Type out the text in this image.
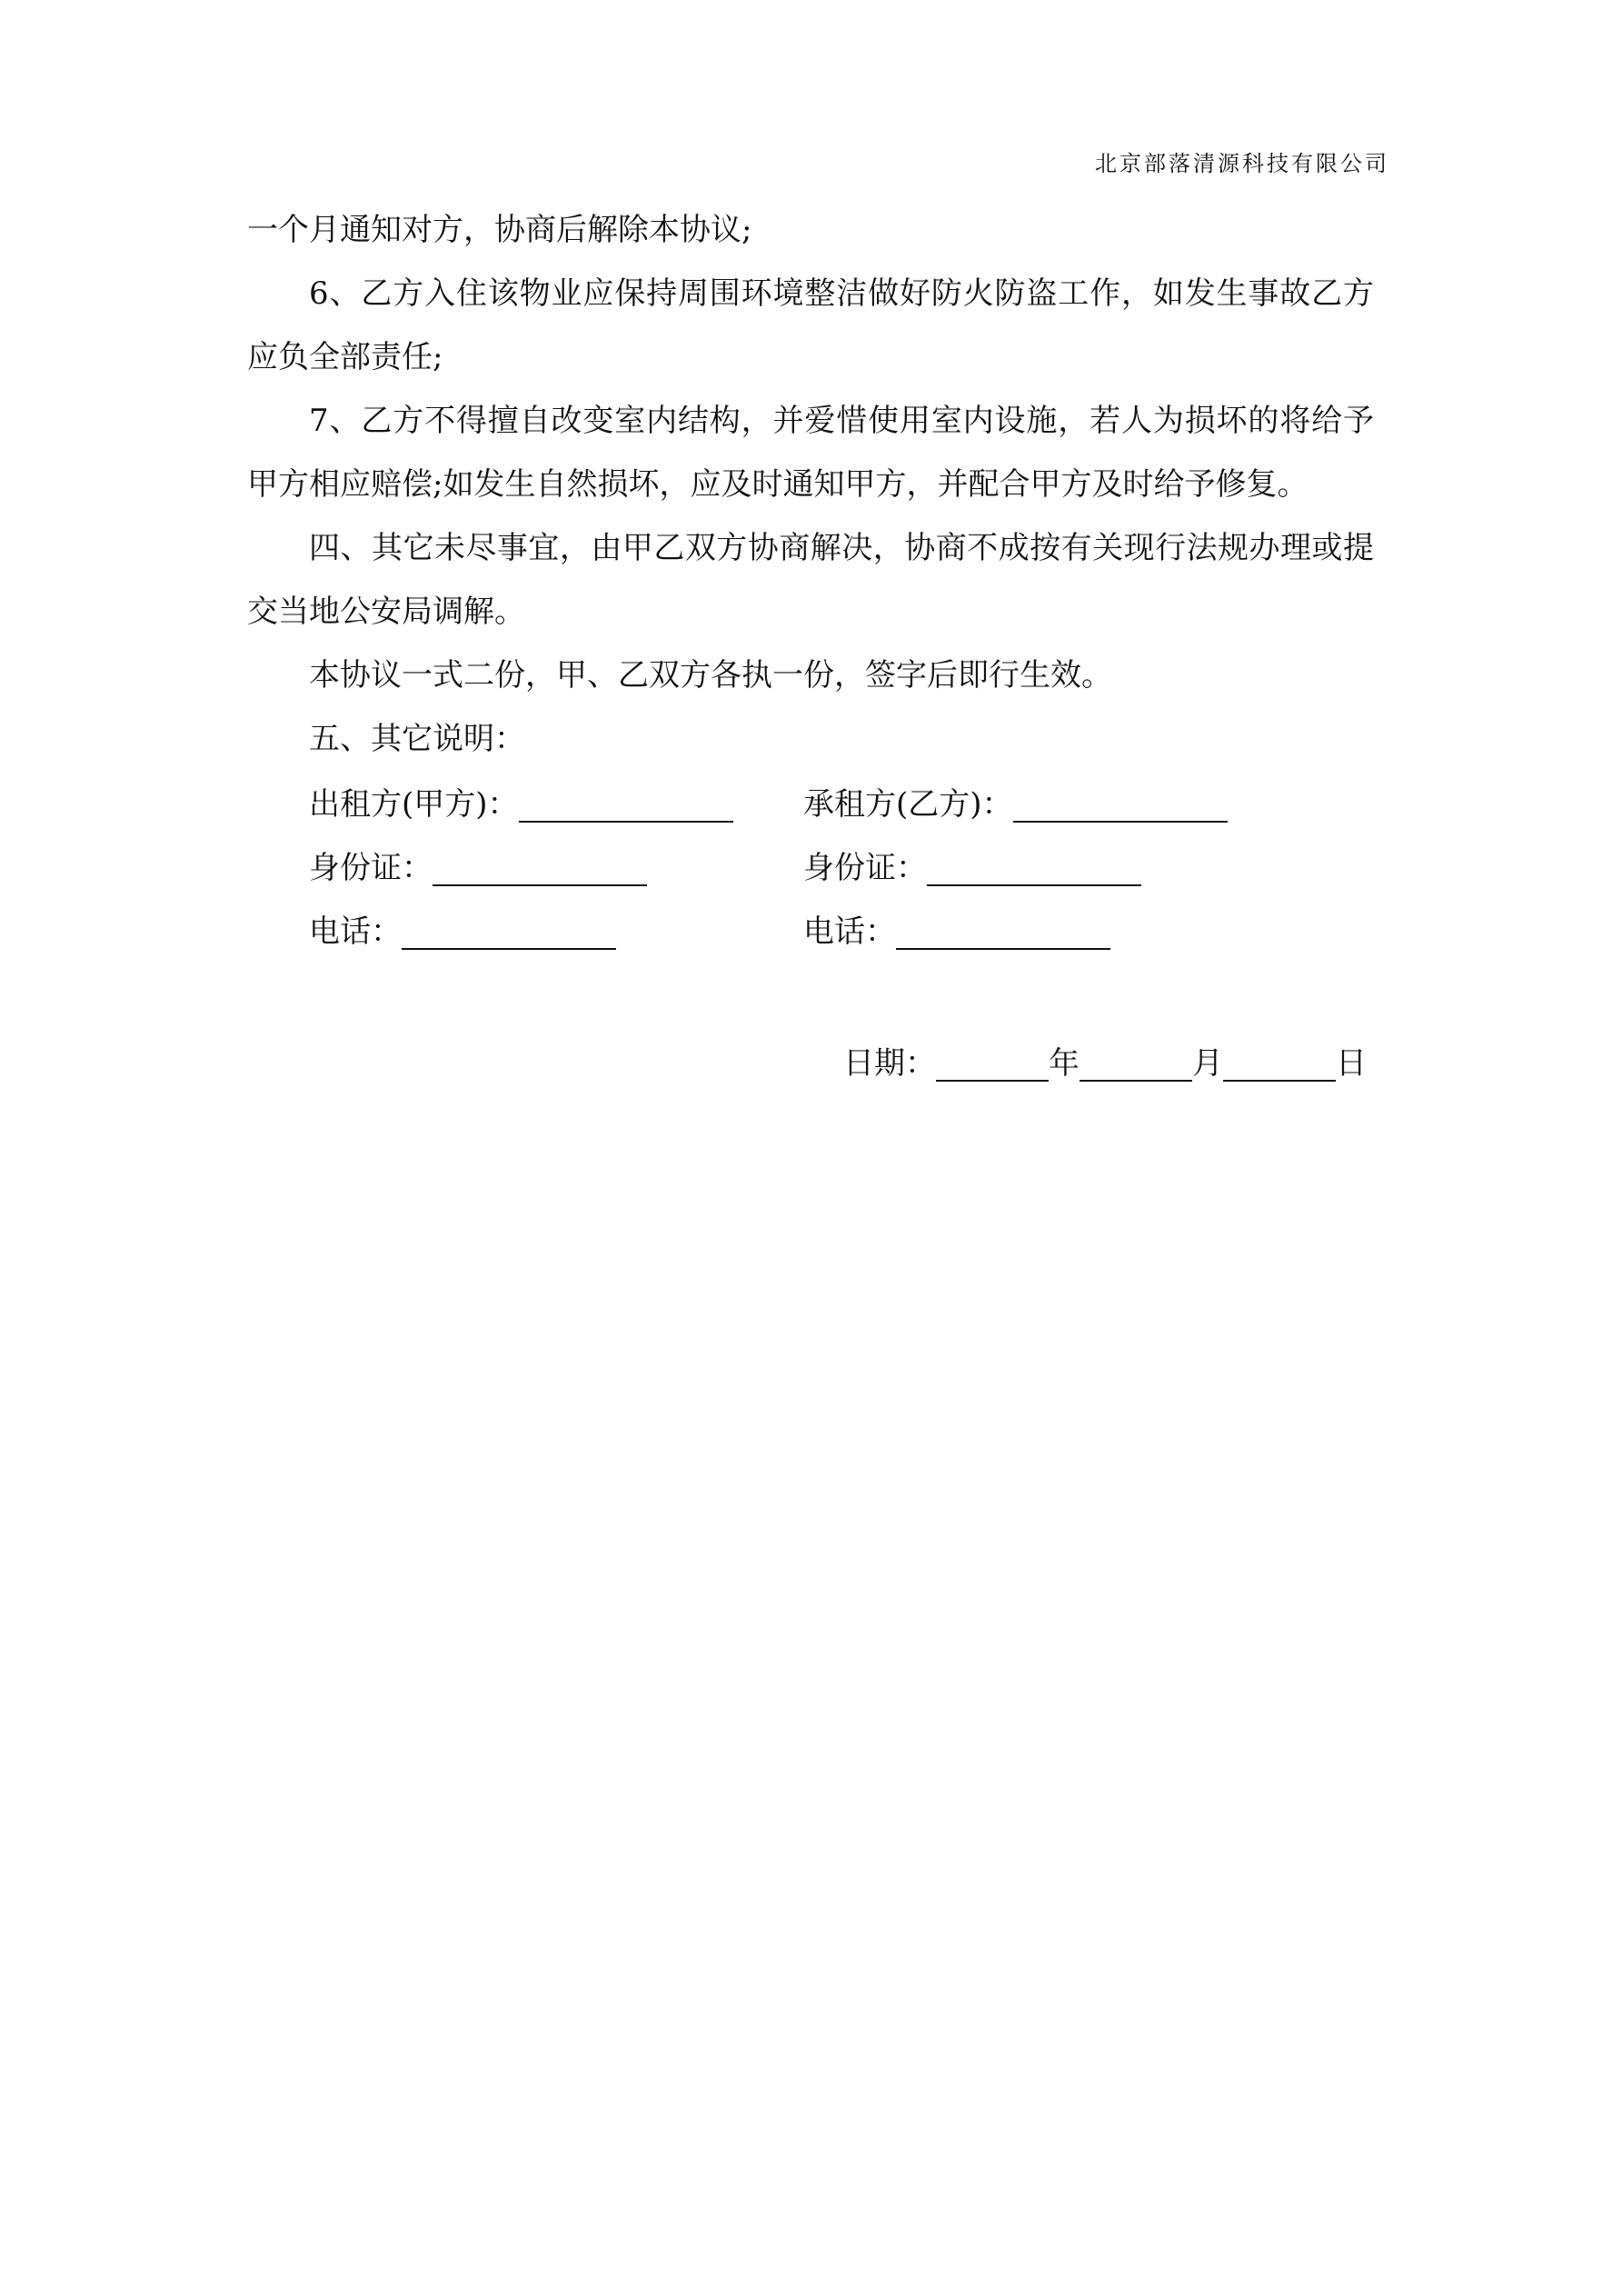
北京部落清源科技有限公司
一个月通知对方，协商后解除本协议;
6、乙方入住该物业应保持周围环境整洁做好防火防盗工作，如发生事故乙方应负全部责任;
7、乙方不得擅自改变室内结构，并爱惜使用室内设施，若人为损坏的将给予甲方相应赔偿;如发生自然损坏，应及时通知甲方，并配合甲方及时给予修复。
四、其它未尽事宜，由甲乙双方协商解决，协商不成按有关现行法规办理或提交当地公安局调解。
本协议一式二份，甲、乙双方各执一份，签字后即行生效。
五、其它说明：
出租方(甲方)：	承租方(乙方)：
身份证：	身份证：
电话：	电话：
日期：	年	月	日
